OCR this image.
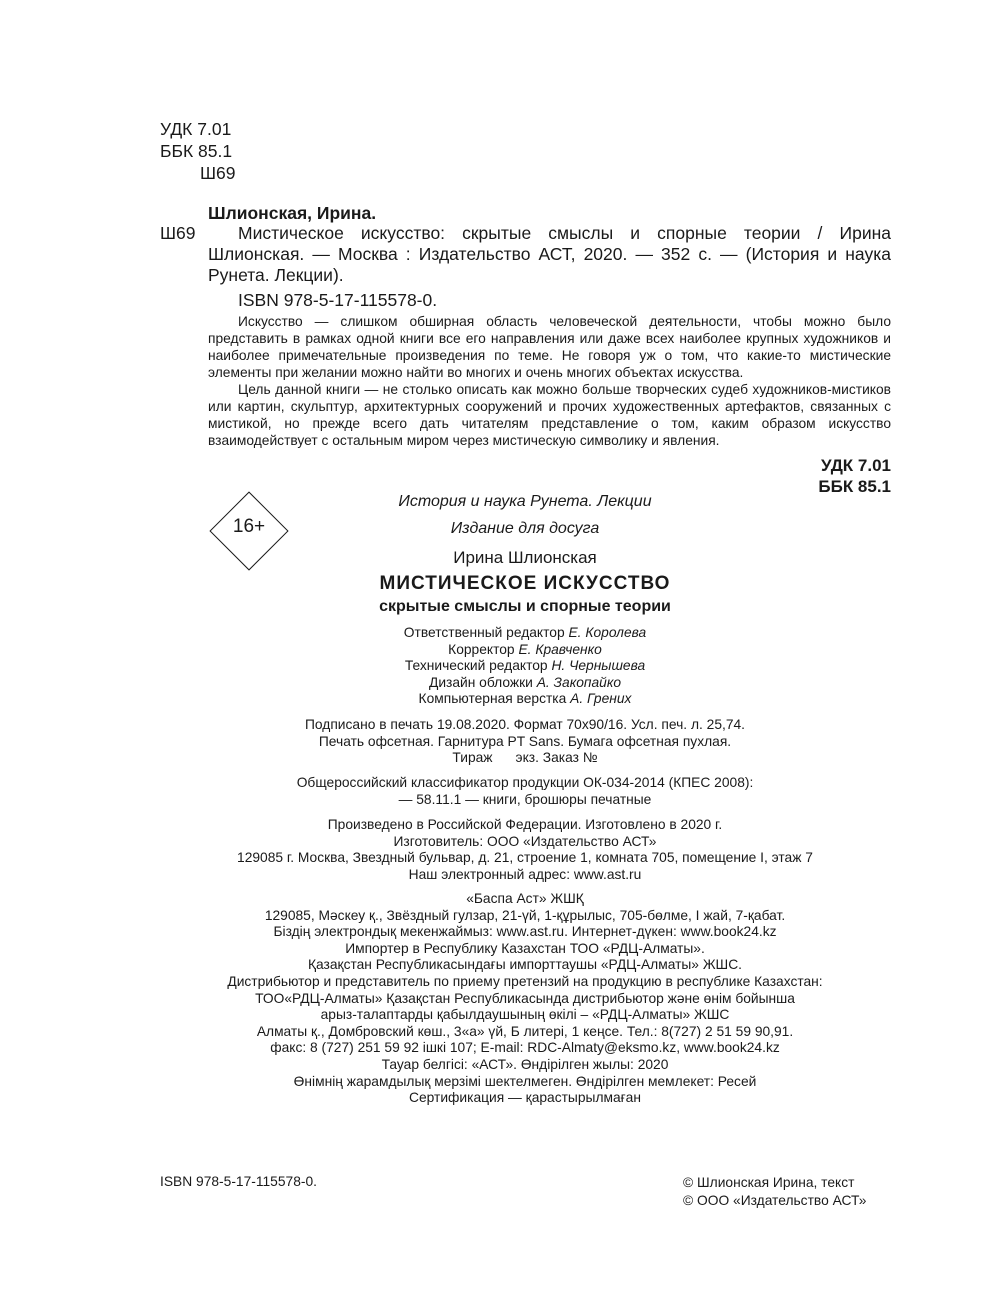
УДК 7.01
ББК 85.1
Ш69
Шлионская, Ирина.
Ш69	Мистическое искусство: скрытые смыслы и спорные теории / Ирина Шлионская. — Москва : Издательство АСТ, 2020. — 352 с. — (История и наука Рунета. Лекции).

ISBN 978-5-17-115578-0.

Искусство — слишком обширная область человеческой деятельности, чтобы можно было представить в рамках одной книги все его направления или даже всех наиболее крупных художников и наиболее примечательные произведения по теме. Не говоря уж о том, что какие-то мистические элементы при желании можно найти во многих и очень многих объектах искусства.

Цель данной книги — не столько описать как можно больше творческих судеб художников-мистиков или картин, скульптур, архитектурных сооружений и прочих художественных артефактов, связанных с мистикой, но прежде всего дать читателям представление о том, каким образом искусство взаимодействует с остальным миром через мистическую символику и явления.

УДК 7.01
ББК 85.1
16+
История и наука Рунета. Лекции
Издание для досуга
Ирина Шлионская
МИСТИЧЕСКОЕ ИСКУССТВО
скрытые смыслы и спорные теории
Ответственный редактор Е. Королева
Корректор Е. Кравченко
Технический редактор Н. Чернышева
Дизайн обложки А. Закопайко
Компьютерная верстка А. Грених
Подписано в печать 19.08.2020. Формат 70x90/16. Усл. печ. л. 25,74.
Печать офсетная. Гарнитура PT Sans. Бумага офсетная пухлая.
Тираж      экз. Заказ №
Общероссийский классификатор продукции ОК-034-2014 (КПЕС 2008):
— 58.11.1 — книги, брошюры печатные
Произведено в Российской Федерации. Изготовлено в 2020 г.
Изготовитель: ООО «Издательство АСТ»
129085 г. Москва, Звездный бульвар, д. 21, строение 1, комната 705, помещение I, этаж 7
Наш электронный адрес: www.ast.ru
«Баспа Аст» ЖШҚ
129085, Мәскеу қ., Звёздный гулзар, 21-үй, 1-құрылыс, 705-бөлме, I жай, 7-қабат.
Біздің электрондық мекенжаймыз: www.ast.ru. Интернет-дүкен: www.book24.kz
Импортер в Республику Казахстан ТОО «РДЦ-Алматы».
Қазақстан Республикасындағы импорттаушы «РДЦ-Алматы» ЖШС.
Дистрибьютор и представитель по приему претензий на продукцию в республике Казахстан:
ТОО«РДЦ-Алматы» Қазақстан Республикасында дистрибьютор және өнім бойынша
арыз-талаптарды қабылдаушының өкілі – «РДЦ-Алматы» ЖШС
Алматы қ., Домбровский көш., 3«а» үй, Б литері, 1 кеңсе. Тел.: 8(727) 2 51 59 90,91.
факс: 8 (727) 251 59 92 ішкі 107; E-mail: RDC-Almaty@eksmo.kz, www.book24.kz
Тауар белгісі: «АСТ». Өндірілген жылы: 2020
Өнімнің жарамдылық мерзімі шектелмеген. Өндірілген мемлекет: Ресей
Сертификация — қарастырылмаған
ISBN 978-5-17-115578-0.	© Шлионская Ирина, текст
© ООО «Издательство АСТ»
